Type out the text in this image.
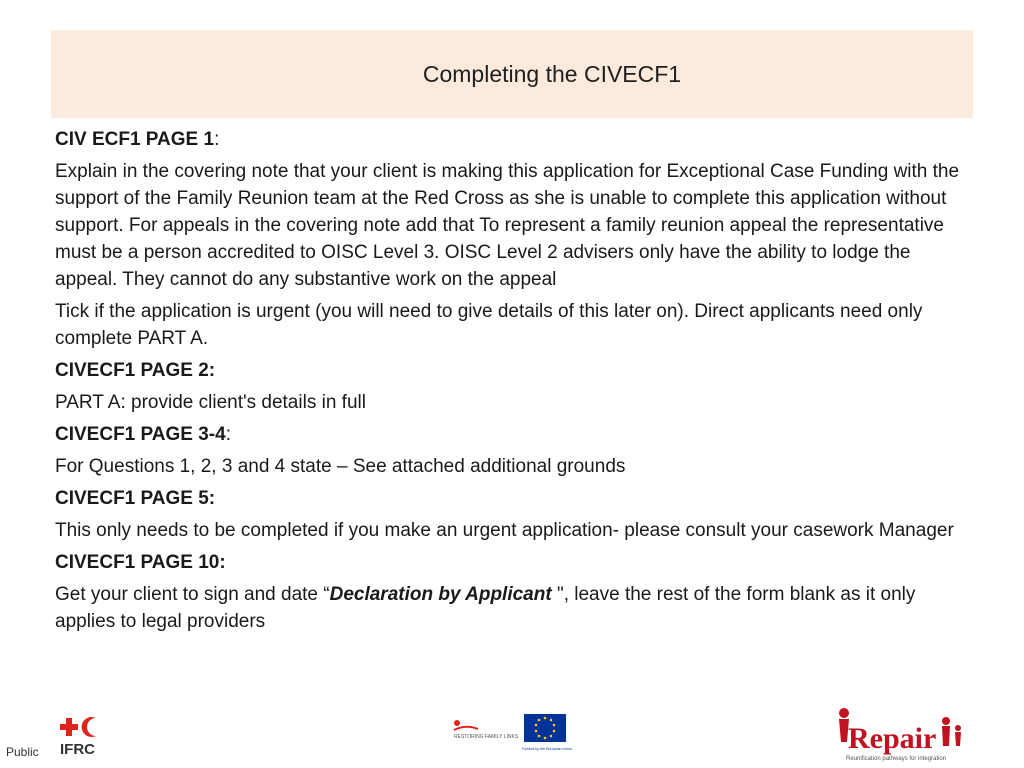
Completing the CIVECF1

CIV ECF1 PAGE 1:

Explain in the covering note that your client is making this application for Exceptional Case Funding with the support of the Family Reunion team at the Red Cross as she is unable to complete this application without support. For appeals in the covering note add that To represent a family reunion appeal the representative must be a person accredited to OISC Level 3. OISC Level 2 advisers only have the ability to lodge the appeal. They cannot do any substantive work on the appeal

Tick if the application is urgent (you will need to give details of this later on). Direct applicants need only complete PART A.

CIVECF1 PAGE 2:

PART A: provide client's details in full

CIVECF1 PAGE 3-4:

For Questions 1, 2, 3 and 4 state – See attached additional grounds

CIVECF1 PAGE 5:

This only needs to be completed if you make an urgent application- please consult your casework Manager

CIVECF1 PAGE 10:

Get your client to sign and date “Declaration by Applicant ", leave the rest of the form blank as it only applies to legal providers

Public IFRC
RESTORING FAMILY LINKS
Funded by the European Union	Repair
Reunification pathways for integration
